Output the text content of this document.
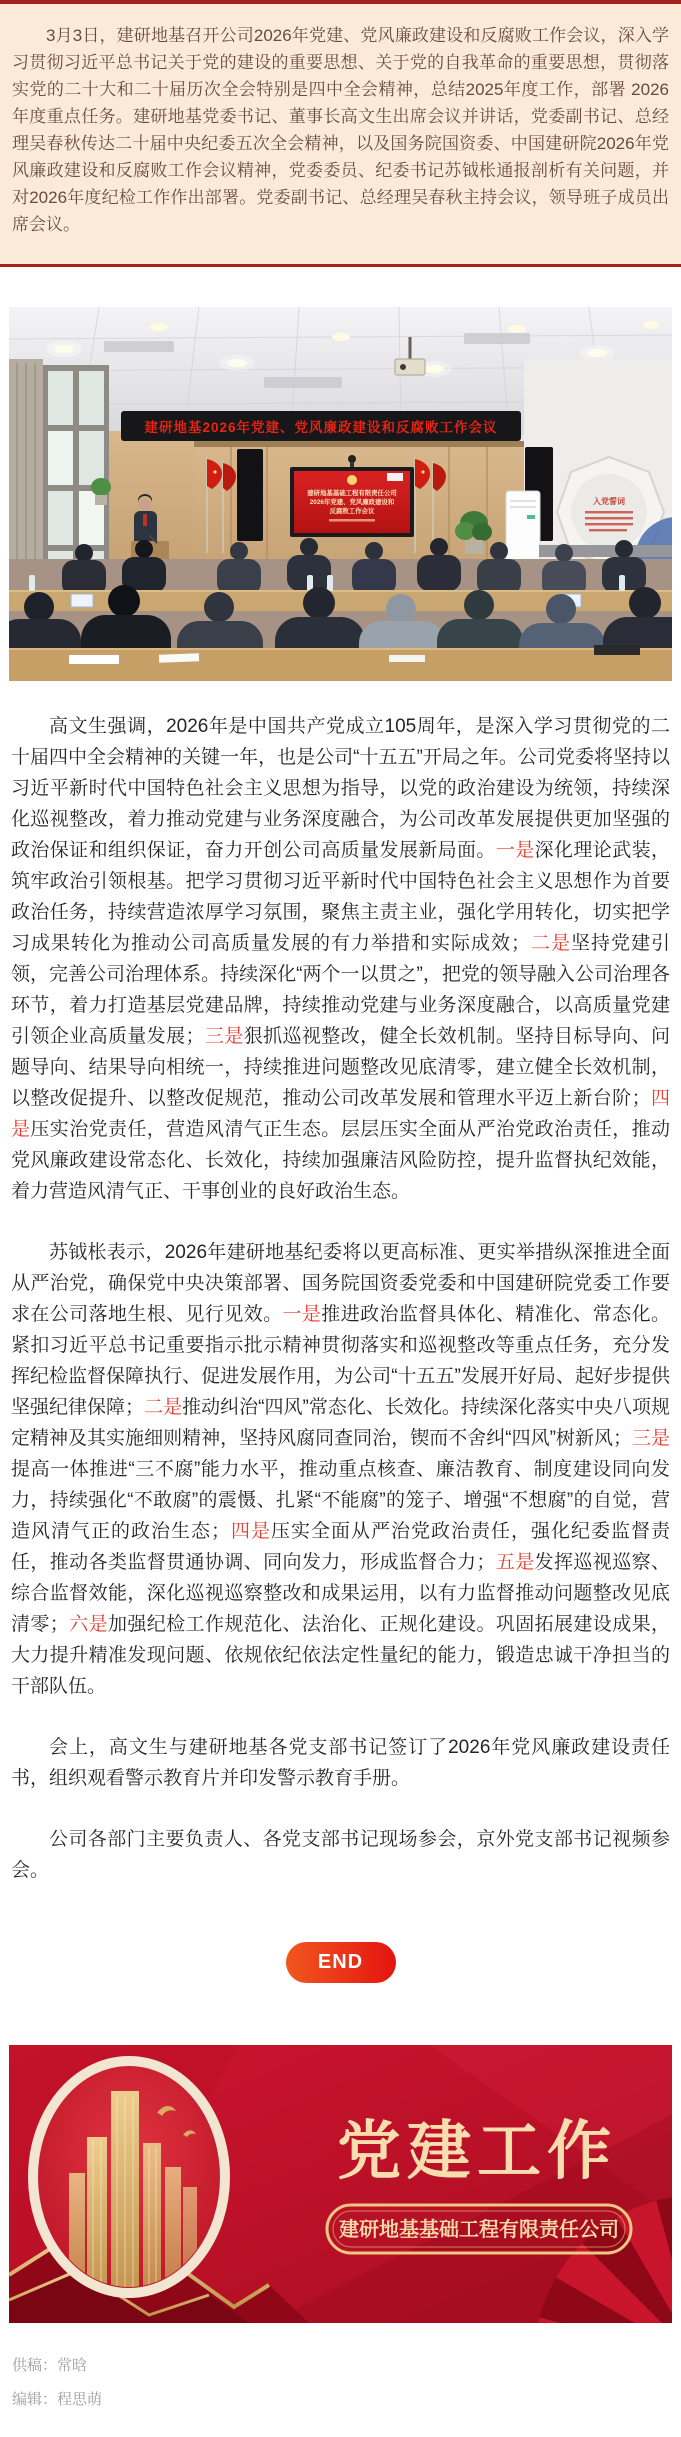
3月3日，建研地基召开公司2026年党建、党风廉政建设和反腐败工作会议，深入学习贯彻习近平总书记关于党的建设的重要思想、关于党的自我革命的重要思想，贯彻落实党的二十大和二十届历次全会特别是四中全会精神，总结2025年度工作，部署 2026 年度重点任务。建研地基党委书记、董事长高文生出席会议并讲话，党委副书记、总经理吴春秋传达二十届中央纪委五次全会精神，以及国务院国资委、中国建研院2026年党风廉政建设和反腐败工作会议精神，党委委员、纪委书记苏钺枨通报剖析有关问题，并对2026年度纪检工作作出部署。党委副书记、总经理吴春秋主持会议，领导班子成员出席会议。

入党誓词
建研地基2026年党建、党风廉政建设和反腐败工作会议
建研地基基础工程有限责任公司
2026年党建、党风廉政建设和
反腐败工作会议

高文生强调，2026年是中国共产党成立105周年，是深入学习贯彻党的二十届四中全会精神的关键一年，也是公司“十五五”开局之年。公司党委将坚持以习近平新时代中国特色社会主义思想为指导，以党的政治建设为统领，持续深化巡视整改，着力推动党建与业务深度融合，为公司改革发展提供更加坚强的政治保证和组织保证，奋力开创公司高质量发展新局面。一是深化理论武装，筑牢政治引领根基。把学习贯彻习近平新时代中国特色社会主义思想作为首要政治任务，持续营造浓厚学习氛围，聚焦主责主业，强化学用转化，切实把学习成果转化为推动公司高质量发展的有力举措和实际成效；二是坚持党建引领，完善公司治理体系。持续深化“两个一以贯之”，把党的领导融入公司治理各环节，着力打造基层党建品牌，持续推动党建与业务深度融合，以高质量党建引领企业高质量发展；三是狠抓巡视整改，健全长效机制。坚持目标导向、问题导向、结果导向相统一，持续推进问题整改见底清零，建立健全长效机制，以整改促提升、以整改促规范，推动公司改革发展和管理水平迈上新台阶；四是压实治党责任，营造风清气正生态。层层压实全面从严治党政治责任，推动党风廉政建设常态化、长效化，持续加强廉洁风险防控，提升监督执纪效能，着力营造风清气正、干事创业的良好政治生态。

苏钺枨表示，2026年建研地基纪委将以更高标准、更实举措纵深推进全面从严治党，确保党中央决策部署、国务院国资委党委和中国建研院党委工作要求在公司落地生根、见行见效。一是推进政治监督具体化、精准化、常态化。紧扣习近平总书记重要指示批示精神贯彻落实和巡视整改等重点任务，充分发挥纪检监督保障执行、促进发展作用，为公司“十五五”发展开好局、起好步提供坚强纪律保障；二是推动纠治“四风”常态化、长效化。持续深化落实中央八项规定精神及其实施细则精神，坚持风腐同查同治，锲而不舍纠“四风”树新风；三是提高一体推进“三不腐”能力水平，推动重点核查、廉洁教育、制度建设同向发力，持续强化“不敢腐”的震慑、扎紧“不能腐”的笼子、增强“不想腐”的自觉，营造风清气正的政治生态；四是压实全面从严治党政治责任，强化纪委监督责任，推动各类监督贯通协调、同向发力，形成监督合力；五是发挥巡视巡察、综合监督效能，深化巡视巡察整改和成果运用，以有力监督推动问题整改见底清零；六是加强纪检工作规范化、法治化、正规化建设。巩固拓展建设成果，大力提升精准发现问题、依规依纪依法定性量纪的能力，锻造忠诚干净担当的干部队伍。

会上，高文生与建研地基各党支部书记签订了2026年党风廉政建设责任书，组织观看警示教育片并印发警示教育手册。

公司各部门主要负责人、各党支部书记现场参会，京外党支部书记视频参会。

END
党建工作
建研地基基础工程有限责任公司

供稿：常晗

编辑：程思萌
